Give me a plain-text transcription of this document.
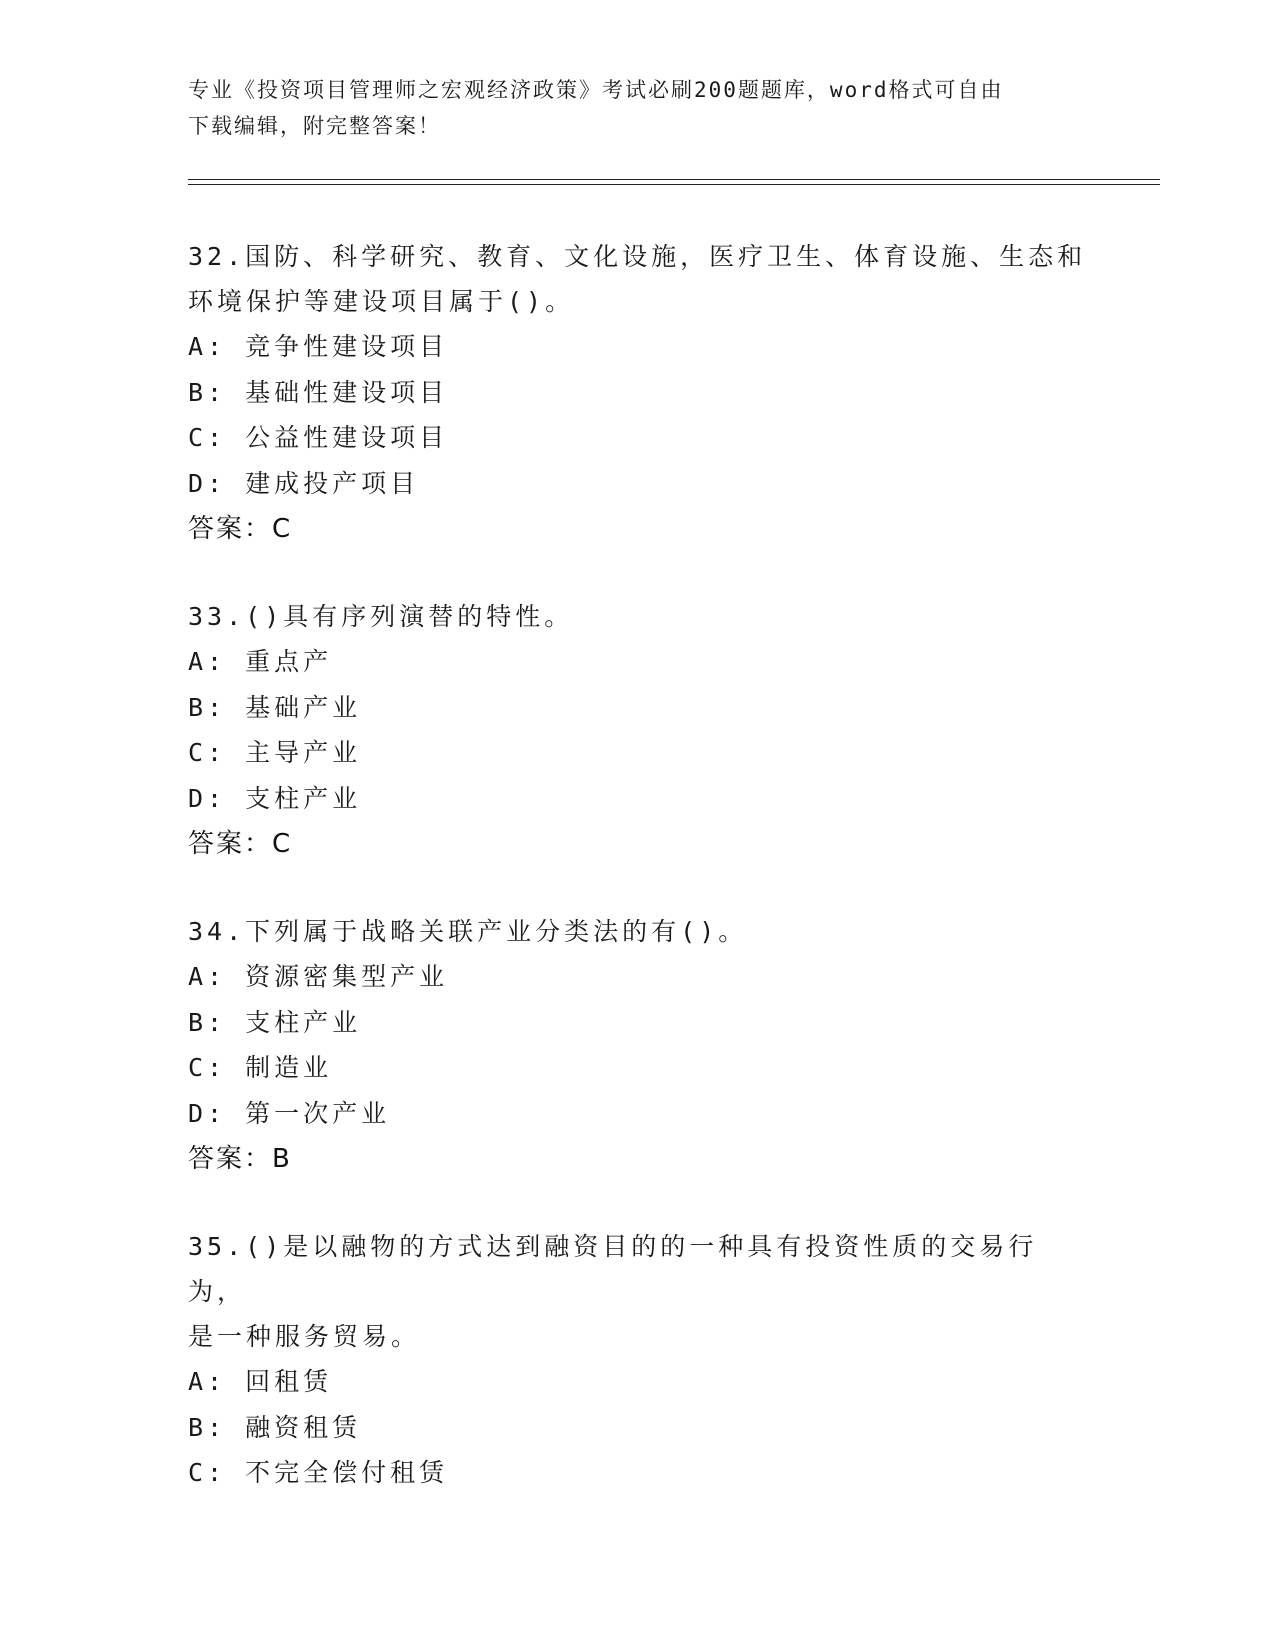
专业《投资项目管理师之宏观经济政策》考试必刷200题题库，word格式可自由
下载编辑，附完整答案！
32.国防、科学研究、教育、文化设施，医疗卫生、体育设施、生态和
环境保护等建设项目属于()。
A: 竞争性建设项目
B: 基础性建设项目
C: 公益性建设项目
D: 建成投产项目
答案：C
33.()具有序列演替的特性。
A: 重点产
B: 基础产业
C: 主导产业
D: 支柱产业
答案：C
34.下列属于战略关联产业分类法的有()。
A: 资源密集型产业
B: 支柱产业
C: 制造业
D: 第一次产业
答案：B
35.()是以融物的方式达到融资目的的一种具有投资性质的交易行为，
是一种服务贸易。
A: 回租赁
B: 融资租赁
C: 不完全偿付租赁
